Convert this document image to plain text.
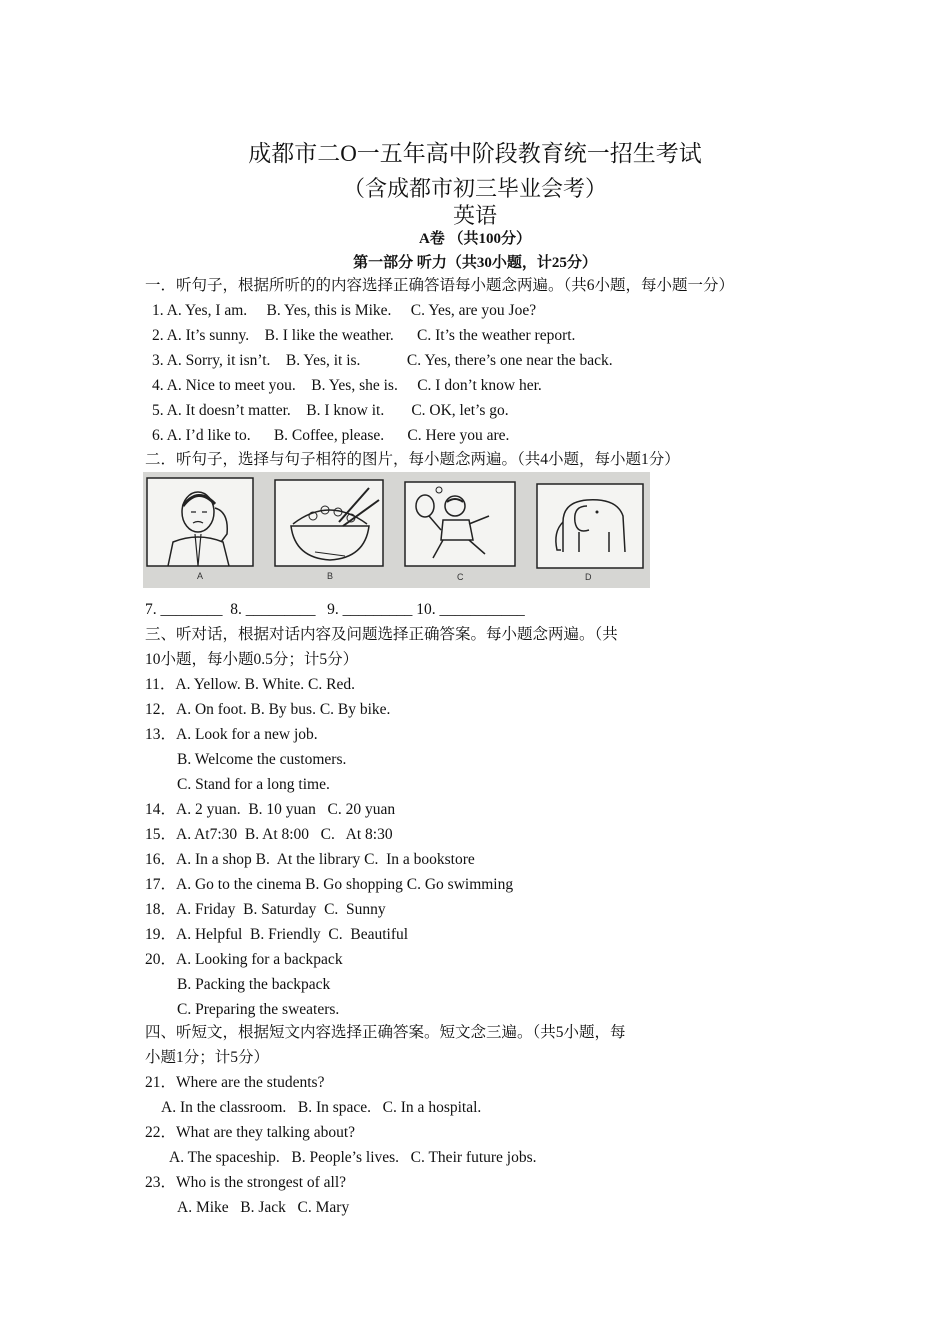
成都市二O一五年高中阶段教育统一招生考试
（含成都市初三毕业会考）
英语
A卷 （共100分）
第一部分 听力（共30小题，计25分）
一．听句子，根据所听的的内容选择正确答语每小题念两遍。（共6小题，每小题一分）
1. A. Yes, I am.     B. Yes, this is Mike.     C. Yes, are you Joe?
2. A. It’s sunny.    B. I like the weather.      C. It’s the weather report.
3. A. Sorry, it isn’t.    B. Yes, it is.            C. Yes, there’s one near the back.
4. A. Nice to meet you.    B. Yes, she is.     C. I don’t know her.
5. A. It doesn’t matter.    B. I know it.       C. OK, let’s go.
6. A. I’d like to.      B. Coffee, please.      C. Here you are.
二．听句子，选择与句子相符的图片，每小题念两遍。（共4小题，每小题1分）
A	B	C	D
7. ________  8. _________   9. _________ 10. ___________
三、听对话，根据对话内容及问题选择正确答案。每小题念两遍。（共
10小题，每小题0.5分；计5分）
11．A. Yellow. B. White. C. Red.
12．A. On foot. B. By bus. C. By bike.
13．A. Look for a new job.
B. Welcome the customers.
C. Stand for a long time.
14．A. 2 yuan.  B. 10 yuan   C. 20 yuan
15．A. At7:30  B. At 8:00   C.   At 8:30
16．A. In a shop B.  At the library C.  In a bookstore
17．A. Go to the cinema B. Go shopping C. Go swimming
18．A. Friday  B. Saturday  C.  Sunny
19．A. Helpful  B. Friendly  C.  Beautiful
20．A. Looking for a backpack
B. Packing the backpack
C. Preparing the sweaters.
四、听短文，根据短文内容选择正确答案。短文念三遍。（共5小题，每
小题1分；计5分）
21．Where are the students?
A. In the classroom.   B. In space.   C. In a hospital.
22．What are they talking about?
A. The spaceship.   B. People’s lives.   C. Their future jobs.
23．Who is the strongest of all?
A. Mike   B. Jack   C. Mary
